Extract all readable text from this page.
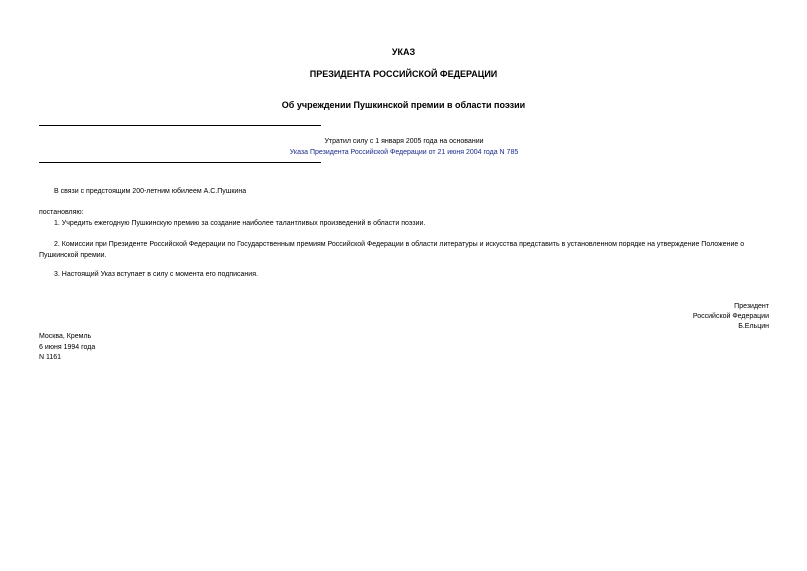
УКАЗ
ПРЕЗИДЕНТА РОССИЙСКОЙ ФЕДЕРАЦИИ
Об учреждении Пушкинской премии в области поэзии
Утратил силу с 1 января 2005 года на основании
Указа Президента Российской Федерации от 21 июня 2004 года N 785
В связи с предстоящим 200-летним юбилеем А.С.Пушкина
постановляю:
1. Учредить ежегодную Пушкинскую премию за создание наиболее талантливых произведений в области поэзии.
2. Комиссии при Президенте Российской Федерации по Государственным премиям Российской Федерации в области литературы и искусства представить в установленном порядке на утверждение Положение о Пушкинской премии.
3. Настоящий Указ вступает в силу с момента его подписания.
Президент
Российской Федерации
Б.Ельцин
Москва, Кремль
6 июня 1994 года
N 1161
